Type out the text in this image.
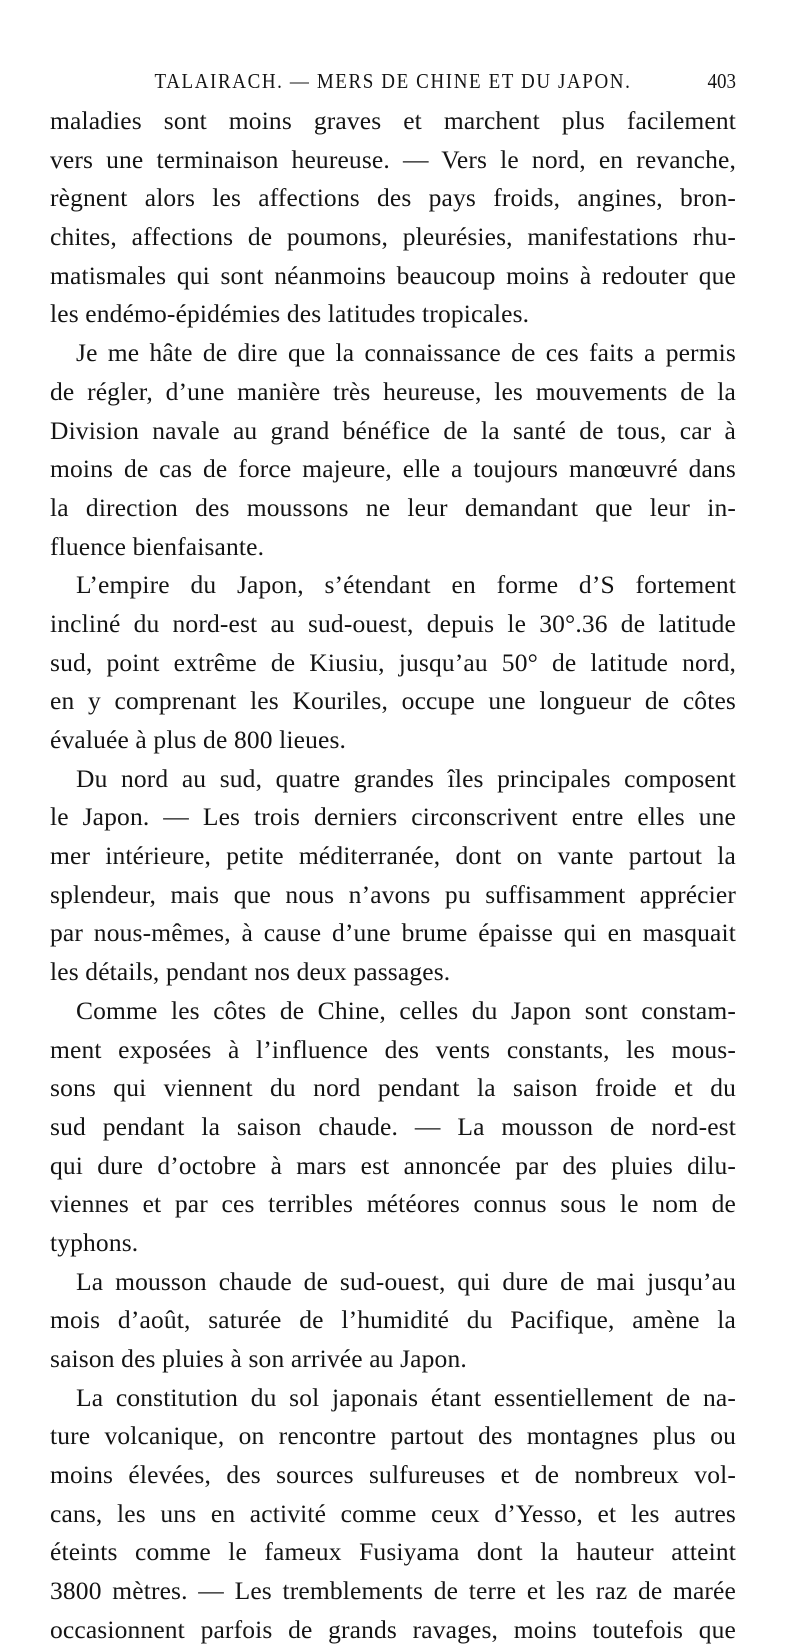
TALAIRACH. — MERS DE CHINE ET DU JAPON.	403
maladies sont moins graves et marchent plus facilement
vers une terminaison heureuse. — Vers le nord, en revanche,
règnent alors les affections des pays froids, angines, bron-
chites, affections de poumons, pleurésies, manifestations rhu-
matismales qui sont néanmoins beaucoup moins à redouter que
les endémo-épidémies des latitudes tropicales.
Je me hâte de dire que la connaissance de ces faits a permis
de régler, d’une manière très heureuse, les mouvements de la
Division navale au grand bénéfice de la santé de tous, car à
moins de cas de force majeure, elle a toujours manœuvré dans
la direction des moussons ne leur demandant que leur in-
fluence bienfaisante.
L’empire du Japon, s’étendant en forme d’S fortement
incliné du nord-est au sud-ouest, depuis le 30°.36 de latitude
sud, point extrême de Kiusiu, jusqu’au 50° de latitude nord,
en y comprenant les Kouriles, occupe une longueur de côtes
évaluée à plus de 800 lieues.
Du nord au sud, quatre grandes îles principales composent
le Japon. — Les trois derniers circonscrivent entre elles une
mer intérieure, petite méditerranée, dont on vante partout la
splendeur, mais que nous n’avons pu suffisamment apprécier
par nous-mêmes, à cause d’une brume épaisse qui en masquait
les détails, pendant nos deux passages.
Comme les côtes de Chine, celles du Japon sont constam-
ment exposées à l’influence des vents constants, les mous-
sons qui viennent du nord pendant la saison froide et du
sud pendant la saison chaude. — La mousson de nord-est
qui dure d’octobre à mars est annoncée par des pluies dilu-
viennes et par ces terribles météores connus sous le nom de
typhons.
La mousson chaude de sud-ouest, qui dure de mai jusqu’au
mois d’août, saturée de l’humidité du Pacifique, amène la
saison des pluies à son arrivée au Japon.
La constitution du sol japonais étant essentiellement de na-
ture volcanique, on rencontre partout des montagnes plus ou
moins élevées, des sources sulfureuses et de nombreux vol-
cans, les uns en activité comme ceux d’Yesso, et les autres
éteints comme le fameux Fusiyama dont la hauteur atteint
3800 mètres. — Les tremblements de terre et les raz de marée
occasionnent parfois de grands ravages, moins toutefois que
